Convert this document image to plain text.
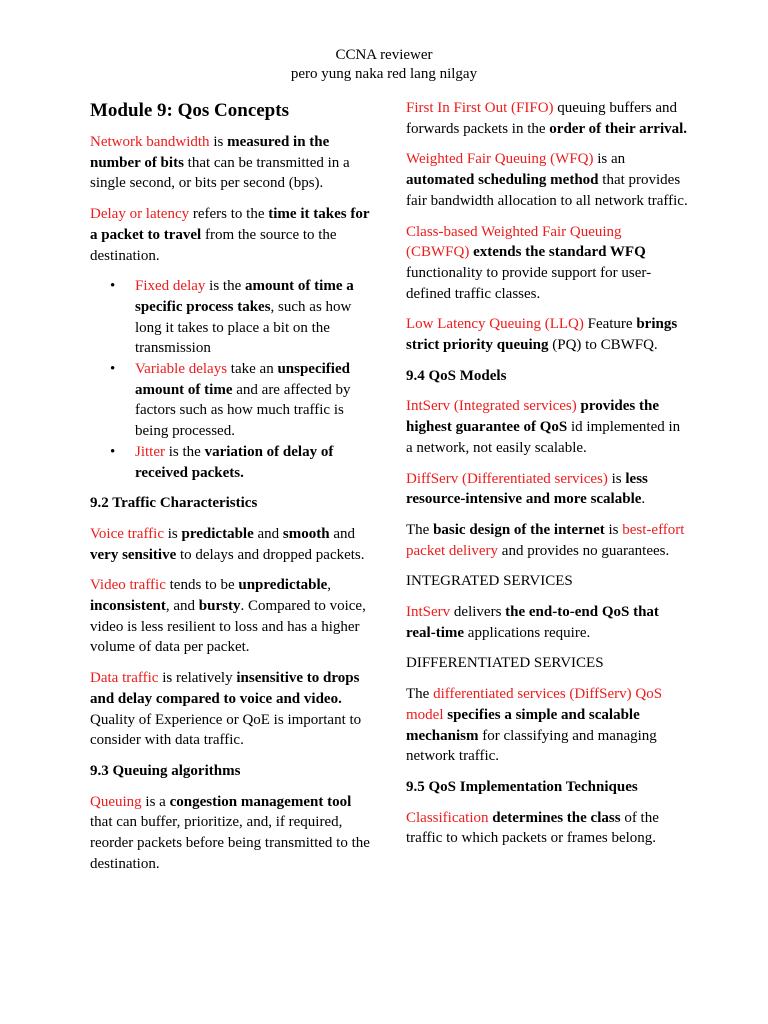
CCNA reviewer
pero yung naka red lang nilgay
Module 9: Qos Concepts

Network bandwidth is measured in the number of bits that can be transmitted in a single second, or bits per second (bps).

Delay or latency refers to the time it takes for a packet to travel from the source to the destination.

• Fixed delay is the amount of time a specific process takes, such as how long it takes to place a bit on the transmission
• Variable delays take an unspecified amount of time and are affected by factors such as how much traffic is being processed.
• Jitter is the variation of delay of received packets.
9.2 Traffic Characteristics

Voice traffic is predictable and smooth and very sensitive to delays and dropped packets.

Video traffic tends to be unpredictable, inconsistent, and bursty. Compared to voice, video is less resilient to loss and has a higher volume of data per packet.

Data traffic is relatively insensitive to drops and delay compared to voice and video. Quality of Experience or QoE is important to consider with data traffic.

9.3 Queuing algorithms

Queuing is a congestion management tool that can buffer, prioritize, and, if required, reorder packets before being transmitted to the destination.

First In First Out (FIFO) queuing buffers and forwards packets in the order of their arrival.

Weighted Fair Queuing (WFQ) is an automated scheduling method that provides fair bandwidth allocation to all network traffic.

Class-based Weighted Fair Queuing (CBWFQ) extends the standard WFQ functionality to provide support for user-defined traffic classes.

Low Latency Queuing (LLQ) Feature brings strict priority queuing (PQ) to CBWFQ.

9.4 QoS Models

IntServ (Integrated services) provides the highest guarantee of QoS id implemented in a network, not easily scalable.

DiffServ (Differentiated services) is less resource-intensive and more scalable.

The basic design of the internet is best-effort packet delivery and provides no guarantees.

INTEGRATED SERVICES

IntServ delivers the end-to-end QoS that real-time applications require.

DIFFERENTIATED SERVICES

The differentiated services (DiffServ) QoS model specifies a simple and scalable mechanism for classifying and managing network traffic.

9.5 QoS Implementation Techniques

Classification determines the class of the traffic to which packets or frames belong.
